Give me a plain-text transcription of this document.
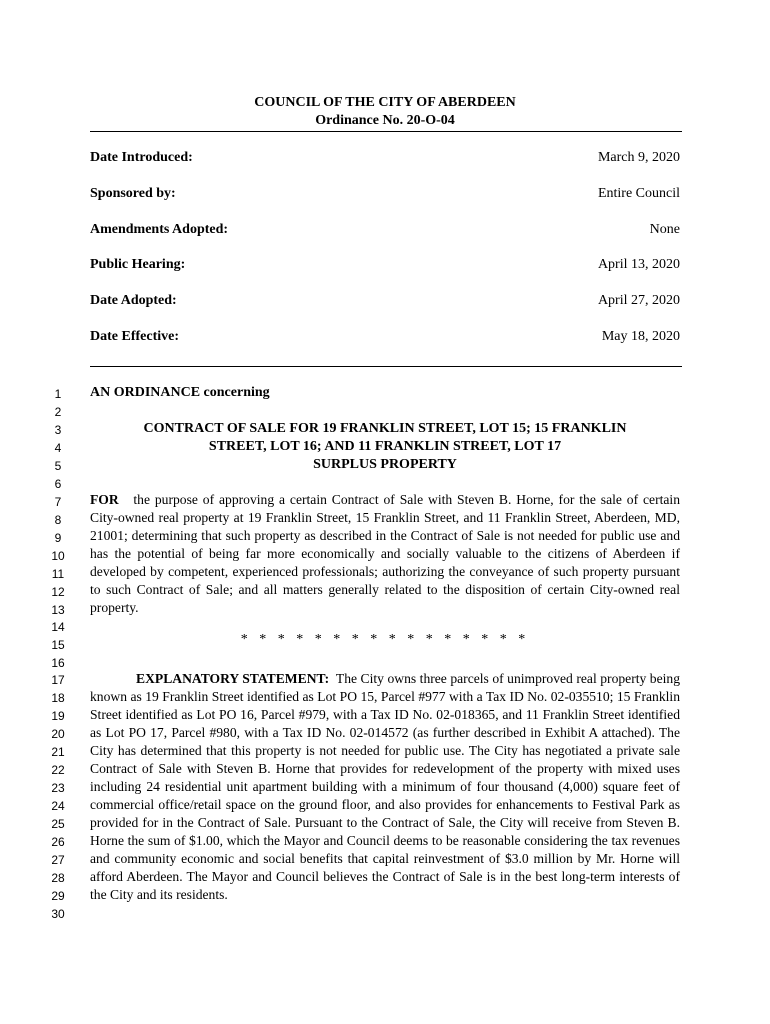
COUNCIL OF THE CITY OF ABERDEEN
Ordinance No. 20-O-04
Date Introduced:	March 9, 2020
Sponsored by:	Entire Council
Amendments Adopted:	None
Public Hearing:	April 13, 2020
Date Adopted:	April 27, 2020
Date Effective:	May 18, 2020
1
2
3
4
5
6
7
8
9
10
11
12
13
14
15
16
17
18
19
20
21
22
23
24
25
26
27
28
29
30
AN ORDINANCE concerning
CONTRACT OF SALE FOR 19 FRANKLIN STREET, LOT 15; 15 FRANKLIN
STREET, LOT 16; AND 11 FRANKLIN STREET, LOT 17
SURPLUS PROPERTY

FOR the purpose of approving a certain Contract of Sale with Steven B. Horne, for the sale of certain City-owned real property at 19 Franklin Street, 15 Franklin Street, and 11 Franklin Street, Aberdeen, MD, 21001; determining that such property as described in the Contract of Sale is not needed for public use and has the potential of being far more economically and socially valuable to the citizens of Aberdeen if developed by competent, experienced professionals; authorizing the conveyance of such property pursuant to such Contract of Sale; and all matters generally related to the disposition of certain City-owned real property.

* * * * * * * * * * * * * * * *

EXPLANATORY STATEMENT: The City owns three parcels of unimproved real property being known as 19 Franklin Street identified as Lot PO 15, Parcel #977 with a Tax ID No. 02-035510; 15 Franklin Street identified as Lot PO 16, Parcel #979, with a Tax ID No. 02-018365, and 11 Franklin Street identified as Lot PO 17, Parcel #980, with a Tax ID No. 02-014572 (as further described in Exhibit A attached). The City has determined that this property is not needed for public use. The City has negotiated a private sale Contract of Sale with Steven B. Horne that provides for redevelopment of the property with mixed uses including 24 residential unit apartment building with a minimum of four thousand (4,000) square feet of commercial office/retail space on the ground floor, and also provides for enhancements to Festival Park as provided for in the Contract of Sale. Pursuant to the Contract of Sale, the City will receive from Steven B. Horne the sum of $1.00, which the Mayor and Council deems to be reasonable considering the tax revenues and community economic and social benefits that capital reinvestment of $3.0 million by Mr. Horne will afford Aberdeen. The Mayor and Council believes the Contract of Sale is in the best long-term interests of the City and its residents.
